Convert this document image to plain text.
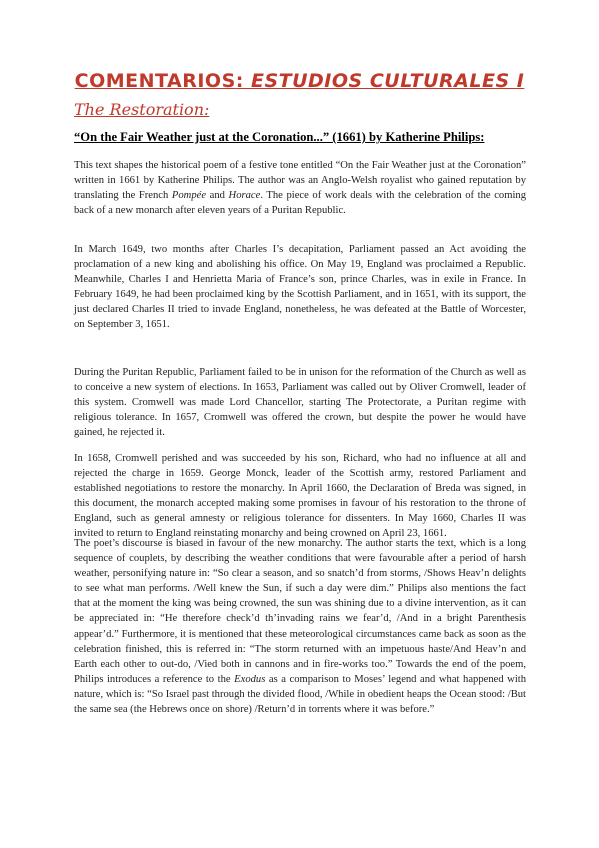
COMENTARIOS: ESTUDIOS CULTURALES I
The Restoration:
“On the Fair Weather just at the Coronation...” (1661) by Katherine Philips:

This text shapes the historical poem of a festive tone entitled “On the Fair Weather just at the Coronation” written in 1661 by Katherine Philips. The author was an Anglo-Welsh royalist who gained reputation by translating the French Pompée and Horace. The piece of work deals with the celebration of the coming back of a new monarch after eleven years of a Puritan Republic.

In March 1649, two months after Charles I’s decapitation, Parliament passed an Act avoiding the proclamation of a new king and abolishing his office. On May 19, England was proclaimed a Republic. Meanwhile, Charles I and Henrietta Maria of France’s son, prince Charles, was in exile in France. In February 1649, he had been proclaimed king by the Scottish Parliament, and in 1651, with its support, the just declared Charles II tried to invade England, nonetheless, he was defeated at the Battle of Worcester, on September 3, 1651.

During the Puritan Republic, Parliament failed to be in unison for the reformation of the Church as well as to conceive a new system of elections. In 1653, Parliament was called out by Oliver Cromwell, leader of this system. Cromwell was made Lord Chancellor, starting The Protectorate, a Puritan regime with religious tolerance. In 1657, Cromwell was offered the crown, but despite the power he would have gained, he rejected it.

In 1658, Cromwell perished and was succeeded by his son, Richard, who had no influence at all and rejected the charge in 1659. George Monck, leader of the Scottish army, restored Parliament and established negotiations to restore the monarchy. In April 1660, the Declaration of Breda was signed, in this document, the monarch accepted making some promises in favour of his restoration to the throne of England, such as general amnesty or religious tolerance for dissenters. In May 1660, Charles II was invited to return to England reinstating monarchy and being crowned on April 23, 1661.

The poet’s discourse is biased in favour of the new monarchy. The author starts the text, which is a long sequence of couplets, by describing the weather conditions that were favourable after a period of harsh weather, personifying nature in: “So clear a season, and so snatch’d from storms, /Shows Heav’n delights to see what man performs. /Well knew the Sun, if such a day were dim.” Philips also mentions the fact that at the moment the king was being crowned, the sun was shining due to a divine intervention, as it can be appreciated in: “He therefore check’d th’invading rains we fear’d, /And in a bright Parenthesis appear’d.” Furthermore, it is mentioned that these meteorological circumstances came back as soon as the celebration finished, this is referred in: “The storm returned with an impetuous haste/And Heav’n and Earth each other to out-do, /Vied both in cannons and in fire-works too.” Towards the end of the poem, Philips introduces a reference to the Exodus as a comparison to Moses’ legend and what happened with nature, which is: “So Israel past through the divided flood, /While in obedient heaps the Ocean stood: /But the same sea (the Hebrews once on shore) /Return’d in torrents where it was before.”
